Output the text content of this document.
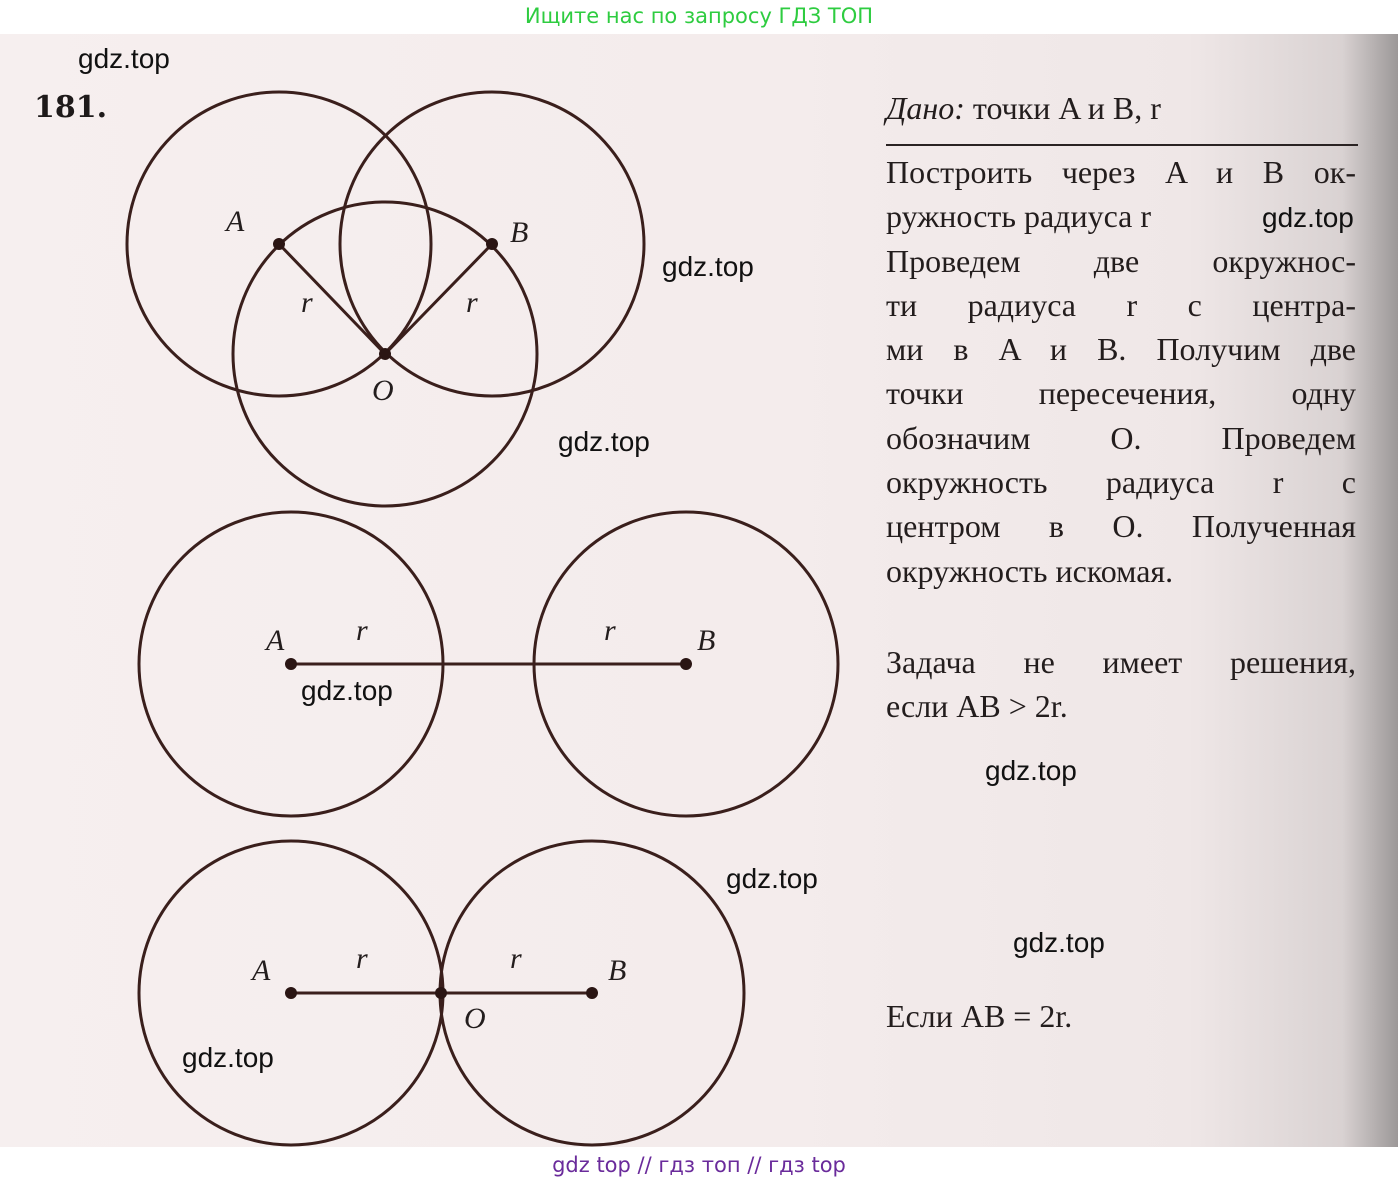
Ищите нас по запросу ГДЗ ТОП
A	B
O
r	r
A	B
r	r
A	B
O
r	r
181.	Дано: точки A и B, r
Построить через A и B ок-
ружность радиуса r
Проведем две окружнос-
ти радиуса r с центра-
ми в A и B. Получим две
точки пересечения, одну
обозначим O. Проведем
окружность радиуса r с
центром в O. Полученная
окружность искомая.
Задача не имеет решения,
если AB > 2r.
Если AB = 2r.
gdz.top
gdz.top
gdz.top
gdz.top
gdz.top
gdz.top
gdz.top
gdz.top
gdz.top
gdz top // гдз топ // гдз top
